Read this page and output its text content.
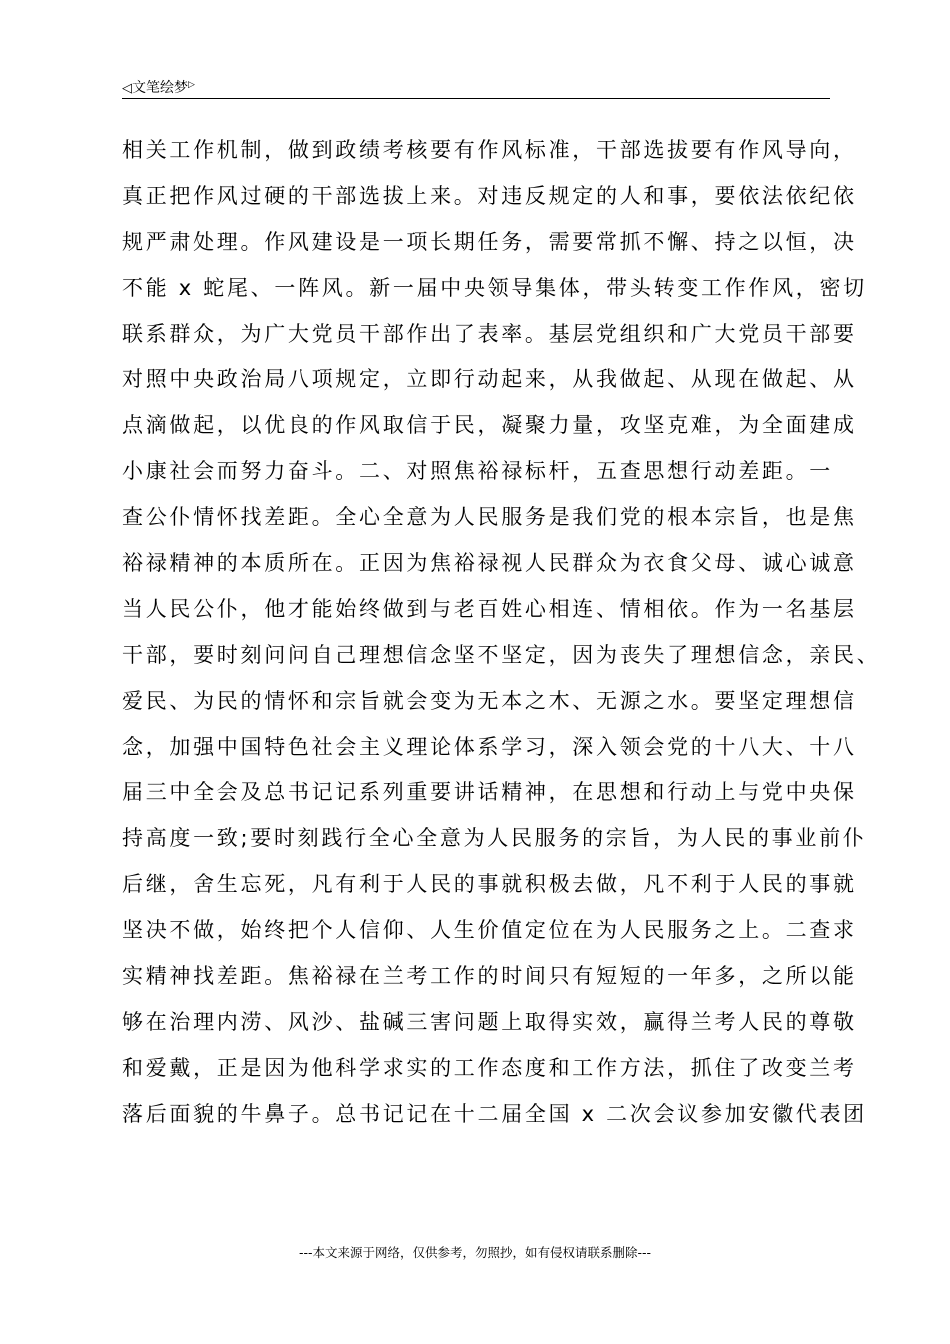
◁文笔绘梦▷
相关工作机制，做到政绩考核要有作风标准，干部选拔要有作风导向，
真正把作风过硬的干部选拔上来。对违反规定的人和事，要依法依纪依
规严肃处理。作风建设是一项长期任务，需要常抓不懈、持之以恒，决
不能 x 蛇尾、一阵风。新一届中央领导集体，带头转变工作作风，密切
联系群众，为广大党员干部作出了表率。基层党组织和广大党员干部要
对照中央政治局八项规定，立即行动起来，从我做起、从现在做起、从
点滴做起，以优良的作风取信于民，凝聚力量，攻坚克难，为全面建成
小康社会而努力奋斗。二、对照焦裕禄标杆，五查思想行动差距。一
查公仆情怀找差距。全心全意为人民服务是我们党的根本宗旨，也是焦
裕禄精神的本质所在。正因为焦裕禄视人民群众为衣食父母、诚心诚意
当人民公仆，他才能始终做到与老百姓心相连、情相依。作为一名基层
干部，要时刻问问自己理想信念坚不坚定，因为丧失了理想信念，亲民、
爱民、为民的情怀和宗旨就会变为无本之木、无源之水。要坚定理想信
念，加强中国特色社会主义理论体系学习，深入领会党的十八大、十八
届三中全会及总书记记系列重要讲话精神，在思想和行动上与党中央保
持高度一致;要时刻践行全心全意为人民服务的宗旨，为人民的事业前仆
后继，舍生忘死，凡有利于人民的事就积极去做，凡不利于人民的事就
坚决不做，始终把个人信仰、人生价值定位在为人民服务之上。二查求
实精神找差距。焦裕禄在兰考工作的时间只有短短的一年多，之所以能
够在治理内涝、风沙、盐碱三害问题上取得实效，赢得兰考人民的尊敬
和爱戴，正是因为他科学求实的工作态度和工作方法，抓住了改变兰考
落后面貌的牛鼻子。总书记记在十二届全国 x 二次会议参加安徽代表团
---本文来源于网络，仅供参考，勿照抄，如有侵权请联系删除---
